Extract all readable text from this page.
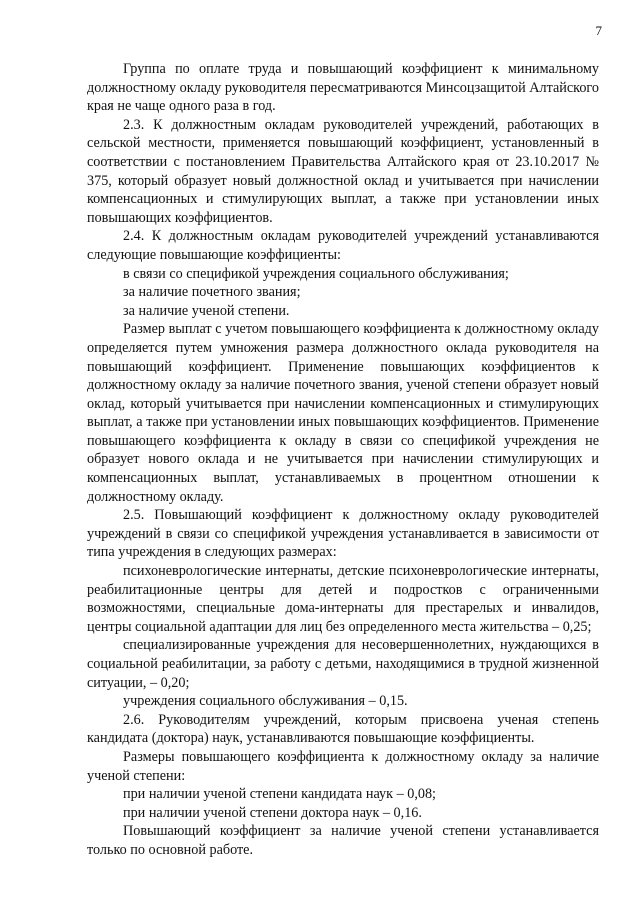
7

Группа по оплате труда и повышающий коэффициент к минимальному должностному окладу руководителя пересматриваются Минсоцзащитой Алтайского края не чаще одного раза в год.

2.3. К должностным окладам руководителей учреждений, работающих в сельской местности, применяется повышающий коэффициент, установленный в соответствии с постановлением Правительства Алтайского края от 23.10.2017 № 375, который образует новый должностной оклад и учитывается при начислении компенсационных и стимулирующих выплат, а также при установлении иных повышающих коэффициентов.

2.4. К должностным окладам руководителей учреждений устанавливаются следующие повышающие коэффициенты:

в связи со спецификой учреждения социального обслуживания;

за наличие почетного звания;

за наличие ученой степени.

Размер выплат с учетом повышающего коэффициента к должностному окладу определяется путем умножения размера должностного оклада руководителя на повышающий коэффициент. Применение повышающих коэффициентов к должностному окладу за наличие почетного звания, ученой степени образует новый оклад, который учитывается при начислении компенсационных и стимулирующих выплат, а также при установлении иных повышающих коэффициентов. Применение повышающего коэффициента к окладу в связи со спецификой учреждения не образует нового оклада и не учитывается при начислении стимулирующих и компенсационных выплат, устанавливаемых в процентном отношении к должностному окладу.

2.5. Повышающий коэффициент к должностному окладу руководителей учреждений в связи со спецификой учреждения устанавливается в зависимости от типа учреждения в следующих размерах:

психоневрологические интернаты, детские психоневрологические интернаты, реабилитационные центры для детей и подростков с ограниченными возможностями, специальные дома-интернаты для престарелых и инвалидов, центры социальной адаптации для лиц без определенного места жительства – 0,25;

специализированные учреждения для несовершеннолетних, нуждающихся в социальной реабилитации, за работу с детьми, находящимися в трудной жизненной ситуации, – 0,20;

учреждения социального обслуживания – 0,15.

2.6. Руководителям учреждений, которым присвоена ученая степень кандидата (доктора) наук, устанавливаются повышающие коэффициенты.

Размеры повышающего коэффициента к должностному окладу за наличие ученой степени:

при наличии ученой степени кандидата наук – 0,08;

при наличии ученой степени доктора наук – 0,16.

Повышающий коэффициент за наличие ученой степени устанавливается только по основной работе.
